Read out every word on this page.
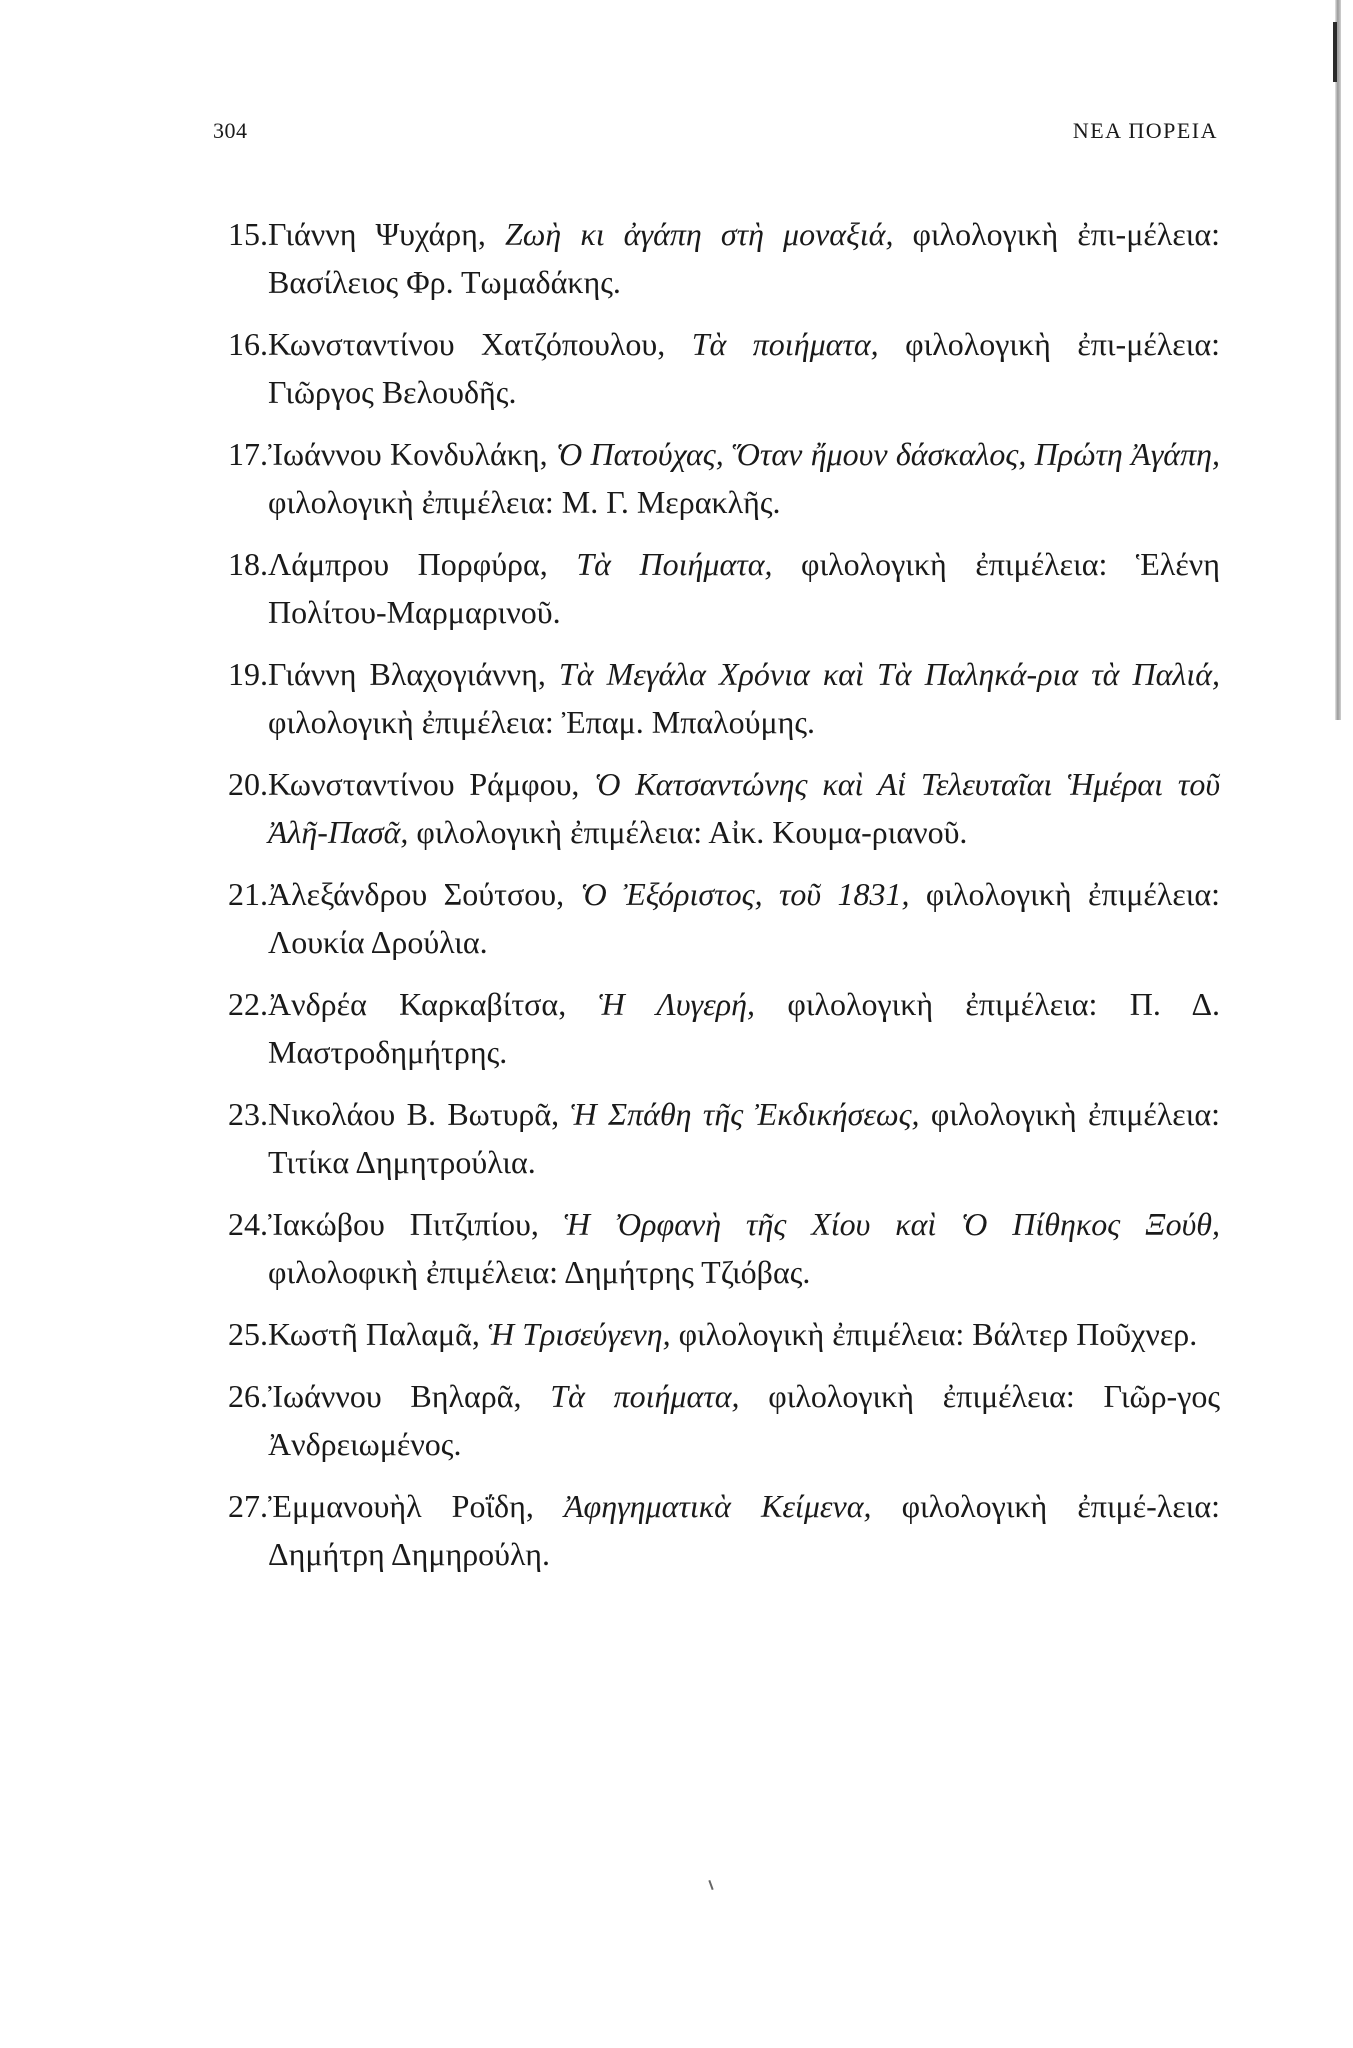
304	ΝΕΑ ΠΟΡΕΙΑ
15. Γιάννη Ψυχάρη, Ζωὴ κι ἀγάπη στὴ μοναξιά, φιλολογικὴ ἐπι-μέλεια: Βασίλειος Φρ. Τωμαδάκης.
16. Κωνσταντίνου Χατζόπουλου, Τὰ ποιήματα, φιλολογικὴ ἐπι-μέλεια: Γιῶργος Βελουδῆς.
17. Ἰωάννου Κονδυλάκη, Ὁ Πατούχας, Ὅταν ἤμουν δάσκαλος, Πρώτη Ἀγάπη, φιλολογικὴ ἐπιμέλεια: Μ. Γ. Μερακλῆς.
18. Λάμπρου Πορφύρα, Τὰ Ποιήματα, φιλολογικὴ ἐπιμέλεια: Ἑλένη Πολίτου-Μαρμαρινοῦ.
19. Γιάννη Βλαχογιάννη, Τὰ Μεγάλα Χρόνια καὶ Τὰ Παληκά-ρια τὰ Παλιά, φιλολογικὴ ἐπιμέλεια: Ἐπαμ. Μπαλούμης.
20. Κωνσταντίνου Ράμφου, Ὁ Κατσαντώνης καὶ Αἱ Τελευταῖαι Ἡμέραι τοῦ Ἀλῆ-Πασᾶ, φιλολογικὴ ἐπιμέλεια: Αἰκ. Κουμα-ριανοῦ.
21. Ἀλεξάνδρου Σούτσου, Ὁ Ἐξόριστος, τοῦ 1831, φιλολογικὴ ἐπιμέλεια: Λουκία Δρούλια.
22. Ἀνδρέα Καρκαβίτσα, Ἡ Λυγερή, φιλολογικὴ ἐπιμέλεια: Π. Δ. Μαστροδημήτρης.
23. Νικολάου Β. Βωτυρᾶ, Ἡ Σπάθη τῆς Ἐκδικήσεως, φιλολογικὴ ἐπιμέλεια: Τιτίκα Δημητρούλια.
24. Ἰακώβου Πιτζιπίου, Ἡ Ὀρφανὴ τῆς Χίου καὶ Ὁ Πίθηκος Ξούθ, φιλολοφικὴ ἐπιμέλεια: Δημήτρης Τζιόβας.
25. Κωστῆ Παλαμᾶ, Ἡ Τρισεύγενη, φιλολογικὴ ἐπιμέλεια: Βάλτερ Ποῦχνερ.
26. Ἰωάννου Βηλαρᾶ, Τὰ ποιήματα, φιλολογικὴ ἐπιμέλεια: Γιῶρ-γος Ἀνδρειωμένος.
27. Ἐμμανουὴλ Ροΐδη, Ἀφηγηματικὰ Κείμενα, φιλολογικὴ ἐπιμέ-λεια: Δημήτρη Δημηρούλη.
